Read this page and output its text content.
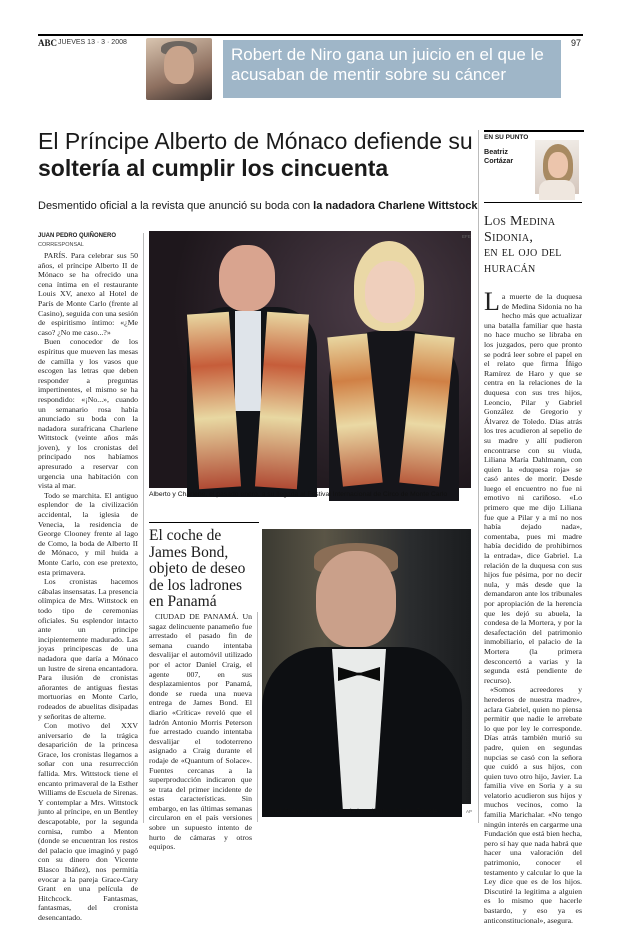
ABC JUEVES 13 · 3 · 2008	97
Robert de Niro gana un juicio en el que le acusaban de mentir sobre su cáncer
El Príncipe Alberto de Mónaco defiende su soltería al cumplir los cincuenta
Desmentido oficial a la revista que anunció su boda con la nadadora Charlene Wittstock
JUAN PEDRO QUIÑONERO
CORRESPONSAL

PARÍS. Para celebrar sus 50 años, el príncipe Alberto II de Mónaco se ha ofrecido una cena íntima en el restaurante Louis XV, anexo al Hotel de París de Monte Carlo (frente al Casino), seguida con una sesión de espiritismo íntimo: «¿Me caso? ¿No me caso...?»

Buen conocedor de los espíritus que mueven las mesas de camilla y los vasos que escogen las letras que deben responder a preguntas impertinentes, el mismo se ha respondido: «¡No...», cuando un semanario rosa había anunciado su boda con la nadadora surafricana Charlene Wittstock (veinte años más joven), y los cronistas del principado nos habíamos apresurado a reservar con urgencia una habitación con vista al mar.

Todo se marchita. El antiguo esplendor de la civilización accidental, la iglesia de Venecia, la residencia de George Clooney frente al lago de Como, la boda de Alberto II de Mónaco, y mil huida a Monte Carlo, con ese pretexto, esta primavera.

Los cronistas hacemos cábalas insensatas. La presencia olímpica de Mrs. Wittstock en todo tipo de ceremonias oficiales. Su esplendor intacto ante un principe incipientemente madurado. Las joyas principescas de una nadadora que daría a Mónaco un lustre de sirena encantadora. Para ilusión de cronistas añorantes de antiguas fiestas mortuorias en Monte Carlo, rodeados de abuelitas disipadas y señoritas de alterne.

Con motivo del XXV aniversario de la trágica desaparición de la princesa Grace, los cronistas llegamos a soñar con una resurrección fallida. Mrs. Wittstock tiene el encanto primaveral de la Esther Williams de Escuela de Sirenas. Y contemplar a Mrs. Wittstock junto al príncipe, en un Bentley descapotable, por la segunda cornisa, rumbo a Menton (donde se encuentran los restos del palacio que imaginó y pagó con su dinero don Vicente Blasco Ibáñez), nos permitía evocar a la pareja Grace-Cary Grant en una película de Hitchcock. Fantasmas, fantasmas, del cronista desencantado.

EFE
Alberto y Charlene, el pasado enero, a su llegada al Festival Internacional de Circo de Monte Carlo
El coche de James Bond, objeto de deseo de los ladrones en Panamá

CIUDAD DE PANAMÁ. Un sagaz delincuente panameño fue arrestado el pasado fin de semana cuando intentaba desvalijar el automóvil utilizado por el actor Daniel Craig, el agente 007, en sus desplazamientos por Panamá, donde se rueda una nueva entrega de James Bond. El diario «Crítica» reveló que el ladrón Antonio Morris Peterson fue arrestado cuando intentaba desvalijar el todoterreno asignado a Craig durante el rodaje de «Quantum of Solace». Fuentes cercanas a la superproducción indicaron que se trata del primer incidente de estas características. Sin embargo, en las últimas semanas circularon en el país versiones sobre un supuesto intento de hurto de cámaras y otros equipos.

Daniel Craig en una escena de la película «Casino Royale»	AP
EN SU PUNTO
Beatriz Cortázar
Los Medina Sidonia,
en el ojo del huracán

La muerte de la duquesa de Medina Sidonia no ha hecho más que actualizar una batalla familiar que hasta no hace mucho se libraba en los juzgados, pero que pronto se podrá leer sobre el papel en el relato que firma Íñigo Ramírez de Haro y que se centra en la relaciones de la duquesa con sus tres hijos, Leoncio, Pilar y Gabriel González de Gregorio y Álvarez de Toledo. Días atrás los tres acudieron al sepelio de su madre y allí pudieron encontrarse con su viuda, Liliana María Dahlmann, con quien la «duquesa roja» se casó antes de morir. Desde luego el encuentro no fue ni emotivo ni cariñoso. «Lo primero que me dijo Liliana fue que a Pilar y a mí no nos había dejado nada», comentaba, pues mi madre había decidido de prohibirnos la entrada», dice Gabriel. La relación de la duquesa con sus hijos fue pésima, por no decir nula, y más desde que la demandaron ante los tribunales por apropiación de la herencia que les dejó su abuela, la condesa de la Mortera, y por la desafectación del patrimonio inmobiliario, el palacio de la Mortera (la primera desconcertó a varias y la segunda está pendiente de recurso).

«Somos acreedores y herederos de nuestra madre», aclara Gabriel, quien no piensa permitir que nadie le arrebate lo que por ley le corresponde. Días atrás también murió su padre, quien en segundas nupcias se casó con la señora que cuidó a sus hijos, con quien tuvo otro hijo, Javier. La familia vive en Soria y a su velatorio acudieron sus hijos y muchos vecinos, como la familia Marichalar. «No tengo ningún interés en cargarme una Fundación que está bien hecha, pero sí hay que nada habrá que hacer una valoración del patrimonio, conocer el testamento y calcular lo que la Ley dice que es de los hijos. Discutiré la legitima a alguien es lo mismo que hacerle bastardo, y eso ya es anticonstitucional», asegura.
